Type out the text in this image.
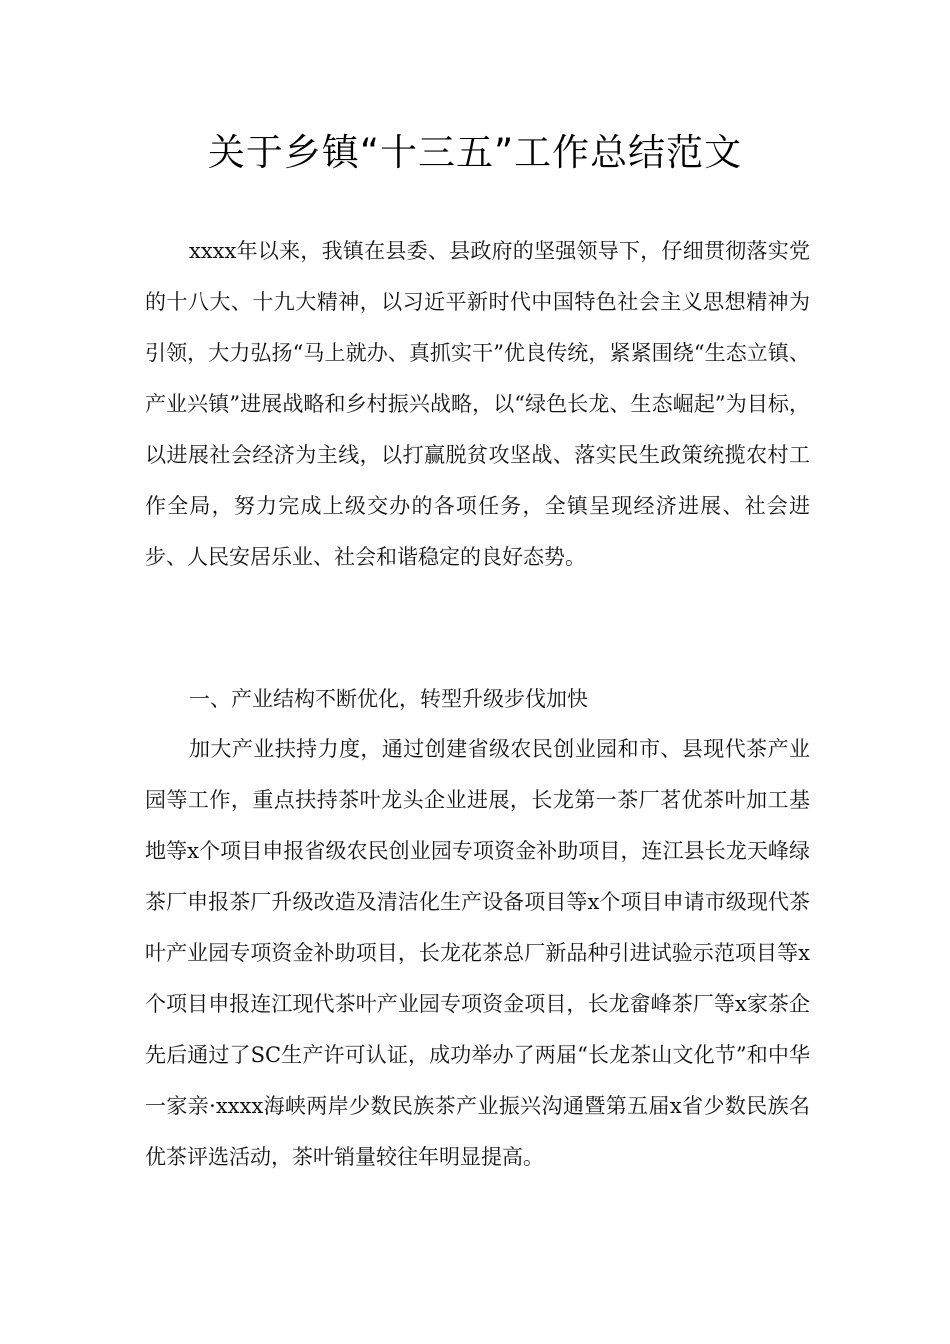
关于乡镇“十三五”工作总结范文

xxxx年以来，我镇在县委、县政府的坚强领导下，仔细贯彻落实党的十八大、十九大精神，以习近平新时代中国特色社会主义思想精神为引领，大力弘扬“马上就办、真抓实干”优良传统，紧紧围绕“生态立镇、产业兴镇”进展战略和乡村振兴战略，以“绿色长龙、生态崛起”为目标，以进展社会经济为主线，以打赢脱贫攻坚战、落实民生政策统揽农村工作全局，努力完成上级交办的各项任务，全镇呈现经济进展、社会进步、人民安居乐业、社会和谐稳定的良好态势。

一、产业结构不断优化，转型升级步伐加快

加大产业扶持力度，通过创建省级农民创业园和市、县现代茶产业园等工作，重点扶持茶叶龙头企业进展，长龙第一茶厂茗优茶叶加工基地等x个项目申报省级农民创业园专项资金补助项目，连江县长龙天峰绿茶厂申报茶厂升级改造及清洁化生产设备项目等x个项目申请市级现代茶叶产业园专项资金补助项目，长龙花茶总厂新品种引进试验示范项目等x个项目申报连江现代茶叶产业园专项资金项目，长龙畲峰茶厂等x家茶企先后通过了SC生产许可认证，成功举办了两届“长龙茶山文化节”和中华一家亲·xxxx海峡两岸少数民族茶产业振兴沟通暨第五届x省少数民族名优茶评选活动，茶叶销量较往年明显提高。
